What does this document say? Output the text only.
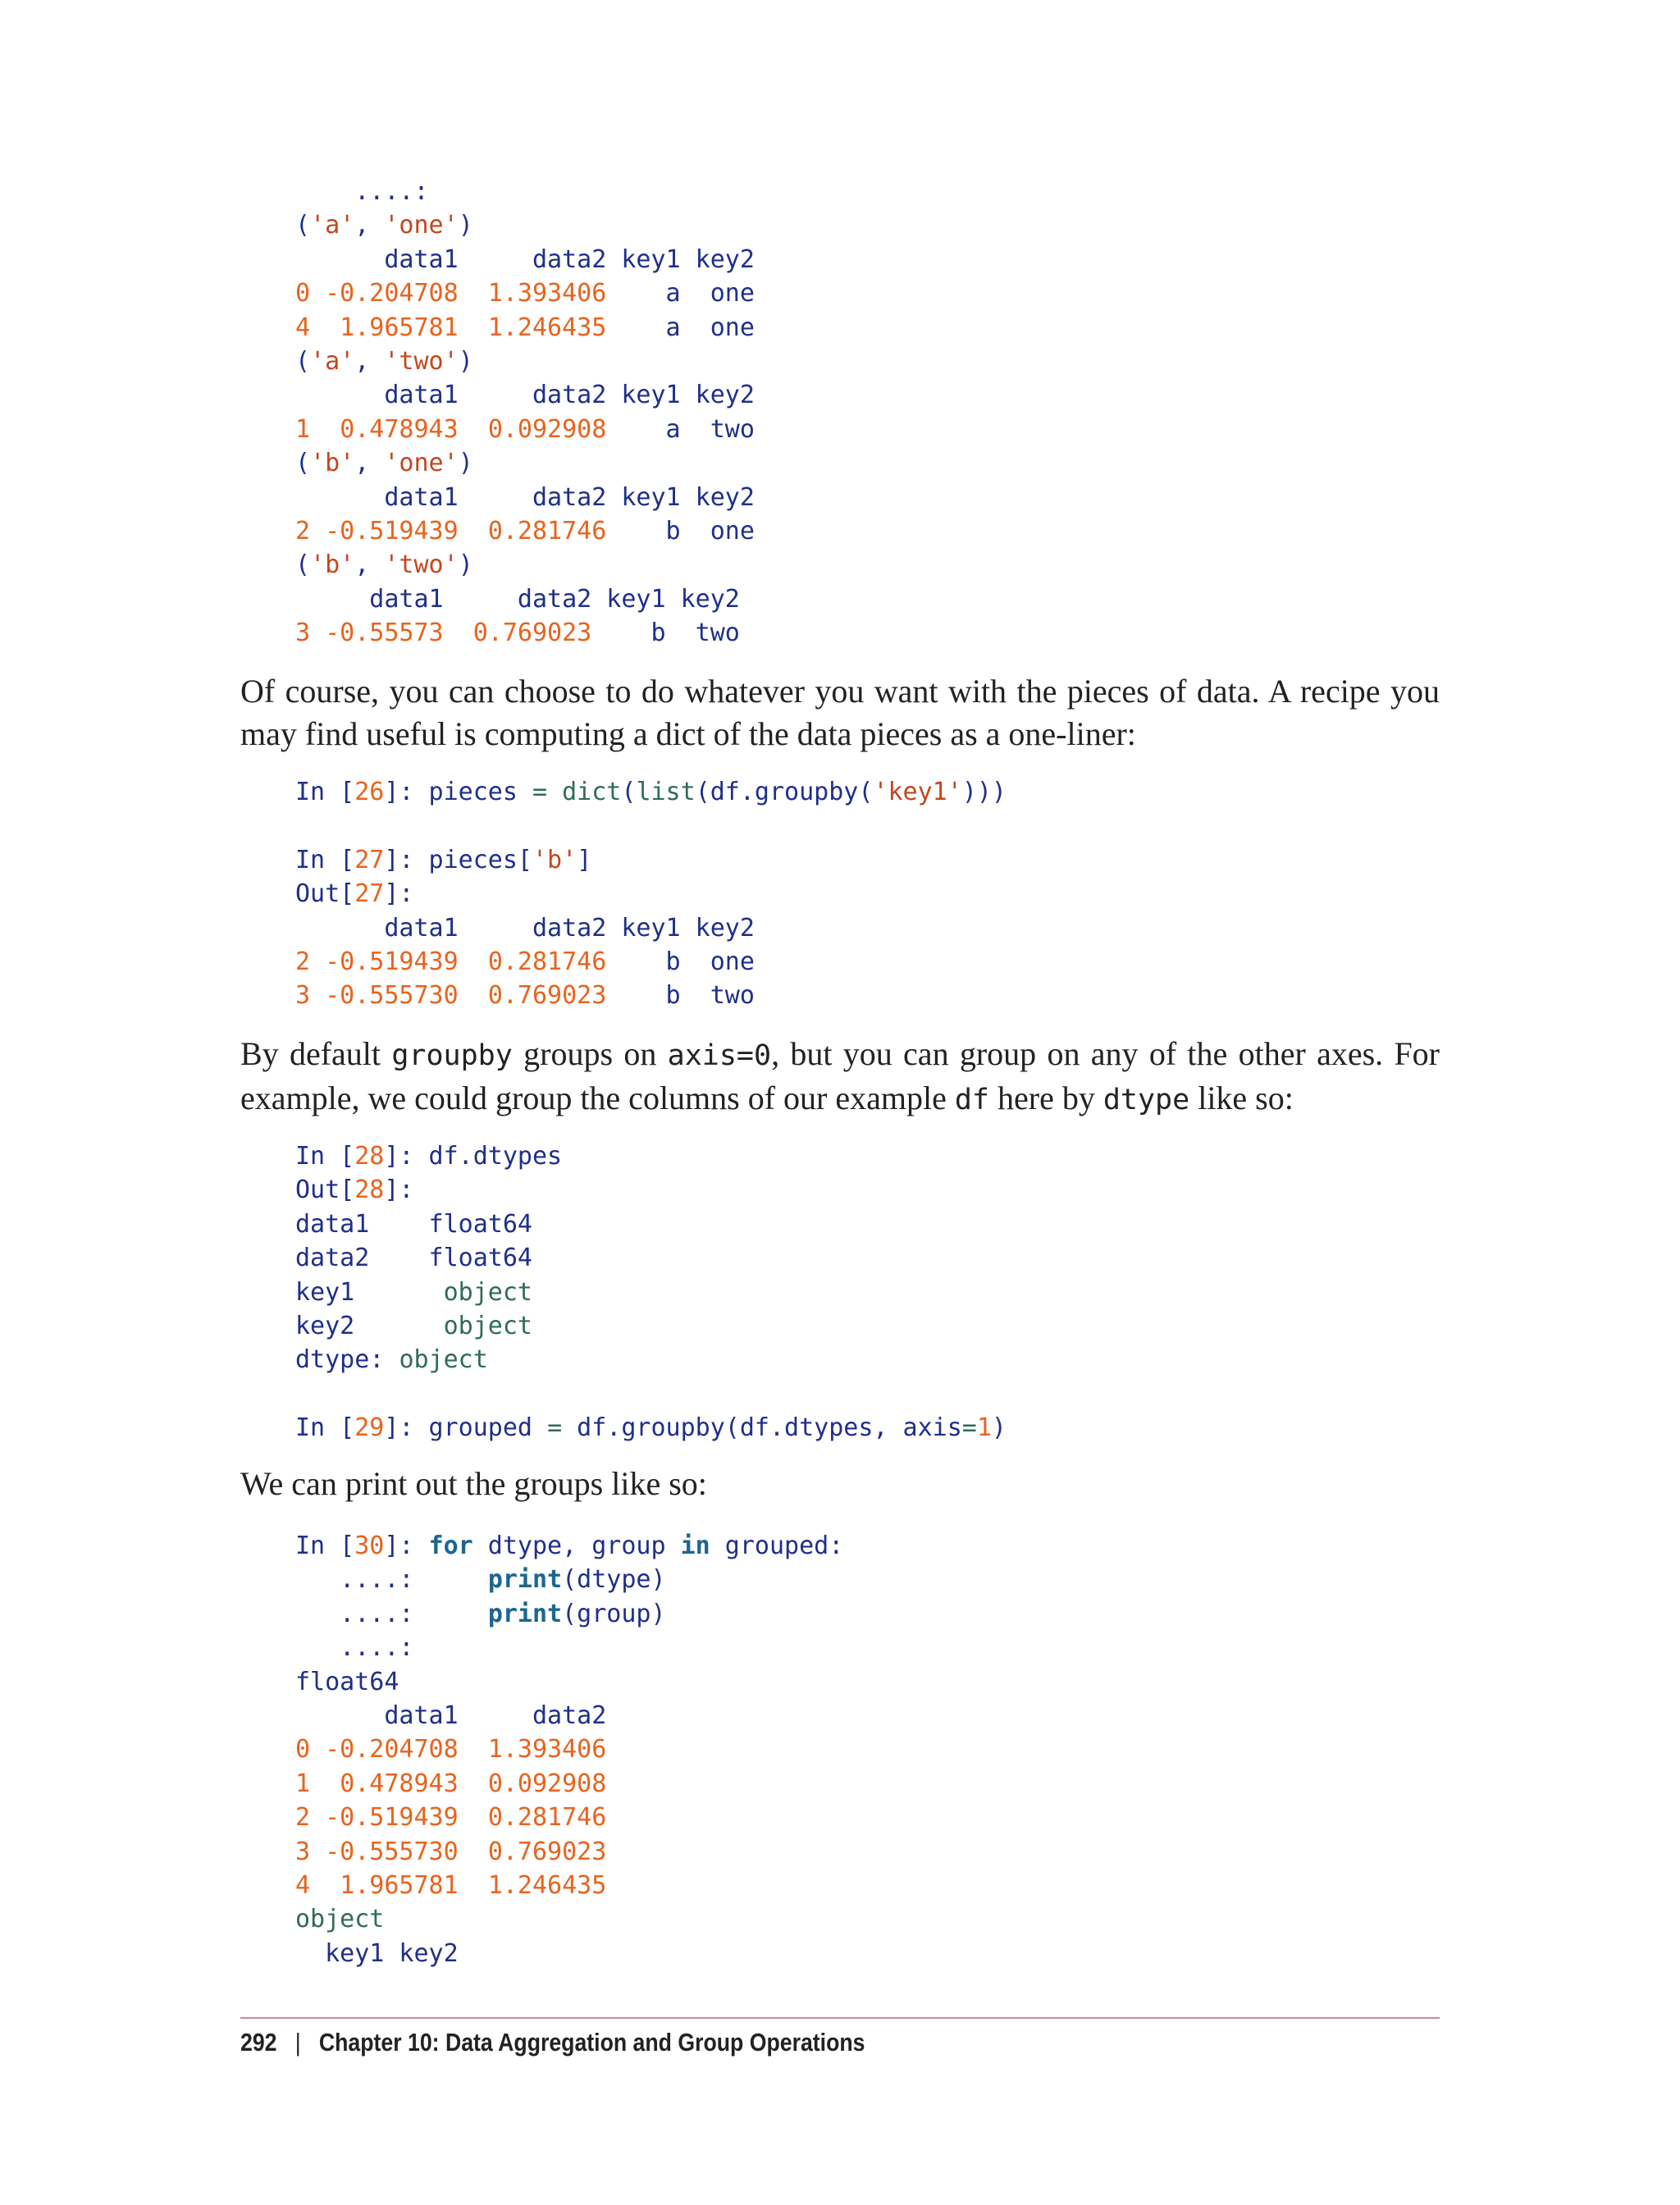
....:
('a', 'one')
data1     data2 key1 key2
0 -0.204708 1.393406    a  one
4 1.965781 1.246435    a  one
('a', 'two')
data1     data2 key1 key2
1 0.478943 0.092908    a  two
('b', 'one')
data1     data2 key1 key2
2 -0.519439 0.281746    b  one
('b', 'two')
data1     data2 key1 key2
3 -0.55573 0.769023    b  two

Of course, you can choose to do whatever you want with the pieces of data. A recipe you may find useful is computing a dict of the data pieces as a one-liner:

In [26]: pieces = dict(list(df.groupby('key1')))
In [27]: pieces['b']
Out[27]:
data1     data2 key1 key2
2 -0.519439 0.281746    b  one
3 -0.555730 0.769023    b  two

By default groupby groups on axis=0, but you can group on any of the other axes. For example, we could group the columns of our example df here by dtype like so:

In [28]: df.dtypes
Out[28]:
data1    float64
data2    float64
key1      object
key2      object
dtype: object
In [29]: grouped = df.groupby(df.dtypes, axis=1)

We can print out the groups like so:

In [30]: for dtype, group in grouped:
....:     print(dtype)
....:     print(group)
....:
float64
data1     data2
0 -0.204708 1.393406
1 0.478943 0.092908
2 -0.519439 0.281746
3 -0.555730 0.769023
4 1.965781 1.246435
object
key1 key2
292 | Chapter 10: Data Aggregation and Group Operations
